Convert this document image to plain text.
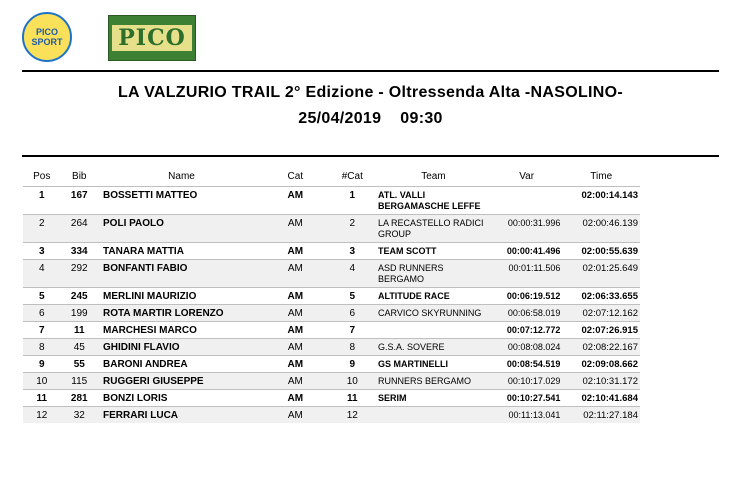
PICO
SPORT	PICO
LA VALZURIO TRAIL 2° Edizione - Oltressenda Alta -NASOLINO-
25/04/2019    09:30
Pos	Bib	Name	Cat	#Cat	Team	Var	Time
1	167	BOSSETTI MATTEO	AM	1	ATL. VALLI BERGAMASCHE LEFFE		02:00:14.143
2	264	POLI PAOLO	AM	2	LA RECASTELLO RADICI GROUP	00:00:31.996	02:00:46.139
3	334	TANARA MATTIA	AM	3	TEAM SCOTT	00:00:41.496	02:00:55.639
4	292	BONFANTI FABIO	AM	4	ASD RUNNERS BERGAMO	00:01:11.506	02:01:25.649
5	245	MERLINI MAURIZIO	AM	5	ALTITUDE RACE	00:06:19.512	02:06:33.655
6	199	ROTA MARTIR LORENZO	AM	6	CARVICO SKYRUNNING	00:06:58.019	02:07:12.162
7	11	MARCHESI MARCO	AM	7		00:07:12.772	02:07:26.915
8	45	GHIDINI FLAVIO	AM	8	G.S.A. SOVERE	00:08:08.024	02:08:22.167
9	55	BARONI ANDREA	AM	9	GS MARTINELLI	00:08:54.519	02:09:08.662
10	115	RUGGERI GIUSEPPE	AM	10	RUNNERS BERGAMO	00:10:17.029	02:10:31.172
11	281	BONZI LORIS	AM	11	SERIM	00:10:27.541	02:10:41.684
12	32	FERRARI LUCA	AM	12		00:11:13.041	02:11:27.184
